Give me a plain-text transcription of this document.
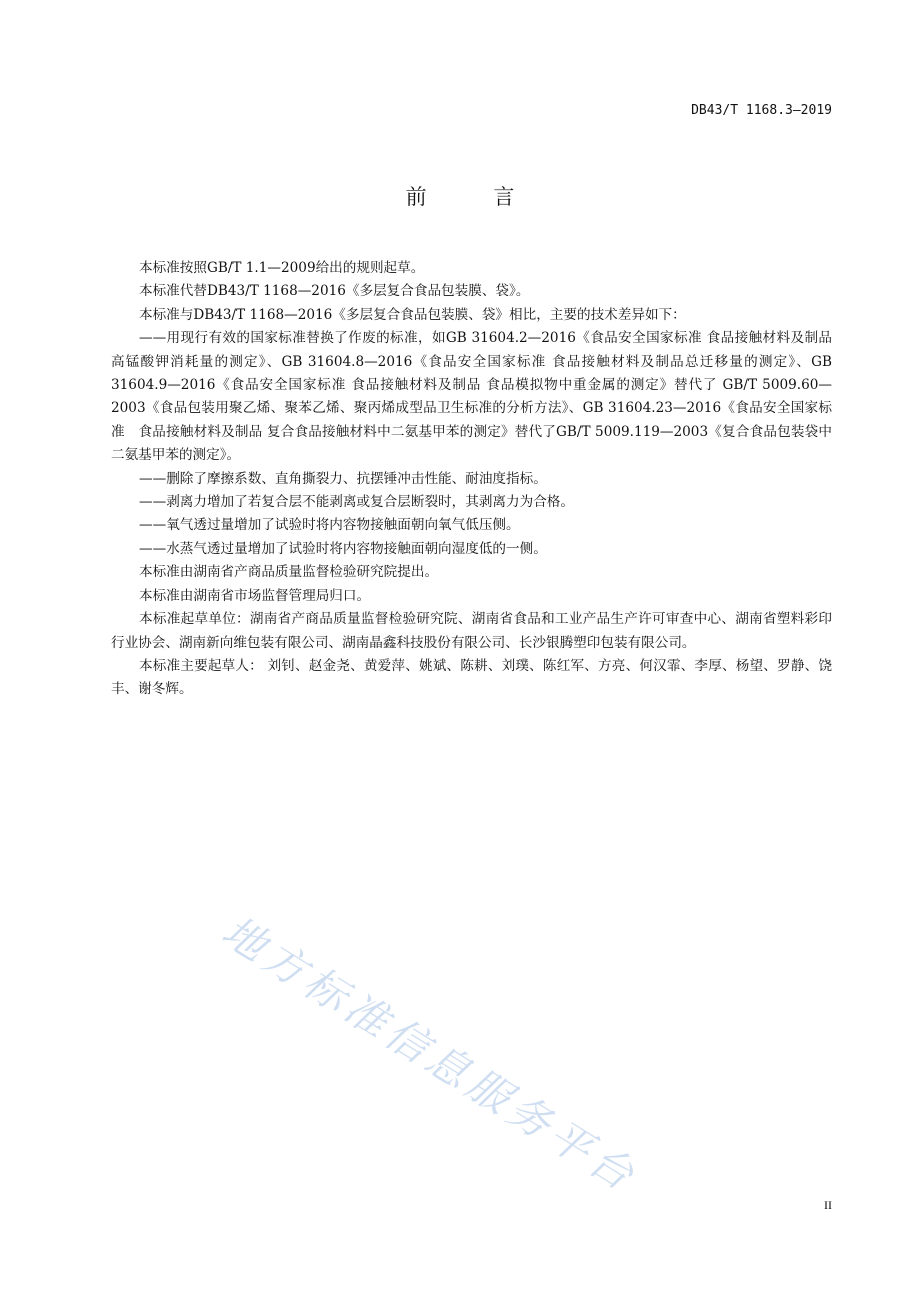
DB43/T 1168.3—2019
前 言

本标准按照GB/T 1.1—2009给出的规则起草。

本标准代替DB43/T 1168—2016《多层复合食品包装膜、袋》。

本标准与DB43/T 1168—2016《多层复合食品包装膜、袋》相比，主要的技术差异如下：

——用现行有效的国家标准替换了作废的标准，如GB 31604.2—2016《食品安全国家标准 食品接触材料及制品 高锰酸钾消耗量的测定》、GB 31604.8—2016《食品安全国家标准 食品接触材料及制品总迁移量的测定》、GB 31604.9—2016《食品安全国家标准 食品接触材料及制品 食品模拟物中重金属的测定》替代了 GB/T 5009.60—2003《食品包装用聚乙烯、聚苯乙烯、聚丙烯成型品卫生标准的分析方法》、GB 31604.23—2016《食品安全国家标准　食品接触材料及制品 复合食品接触材料中二氨基甲苯的测定》替代了GB/T 5009.119—2003《复合食品包装袋中二氨基甲苯的测定》。

——删除了摩擦系数、直角撕裂力、抗摆锤冲击性能、耐油度指标。

——剥离力增加了若复合层不能剥离或复合层断裂时，其剥离力为合格。

——氧气透过量增加了试验时将内容物接触面朝向氧气低压侧。

——水蒸气透过量增加了试验时将内容物接触面朝向湿度低的一侧。

本标准由湖南省产商品质量监督检验研究院提出。

本标准由湖南省市场监督管理局归口。

本标准起草单位：湖南省产商品质量监督检验研究院、湖南省食品和工业产品生产许可审查中心、湖南省塑料彩印行业协会、湖南新向维包装有限公司、湖南晶鑫科技股份有限公司、长沙银腾塑印包装有限公司。

本标准主要起草人： 刘钊、赵金尧、黄爱萍、姚斌、陈耕、刘璞、陈红军、方亮、何汉霏、李厚、杨望、罗静、饶丰、谢冬辉。

地方标准信息服务平台
II
